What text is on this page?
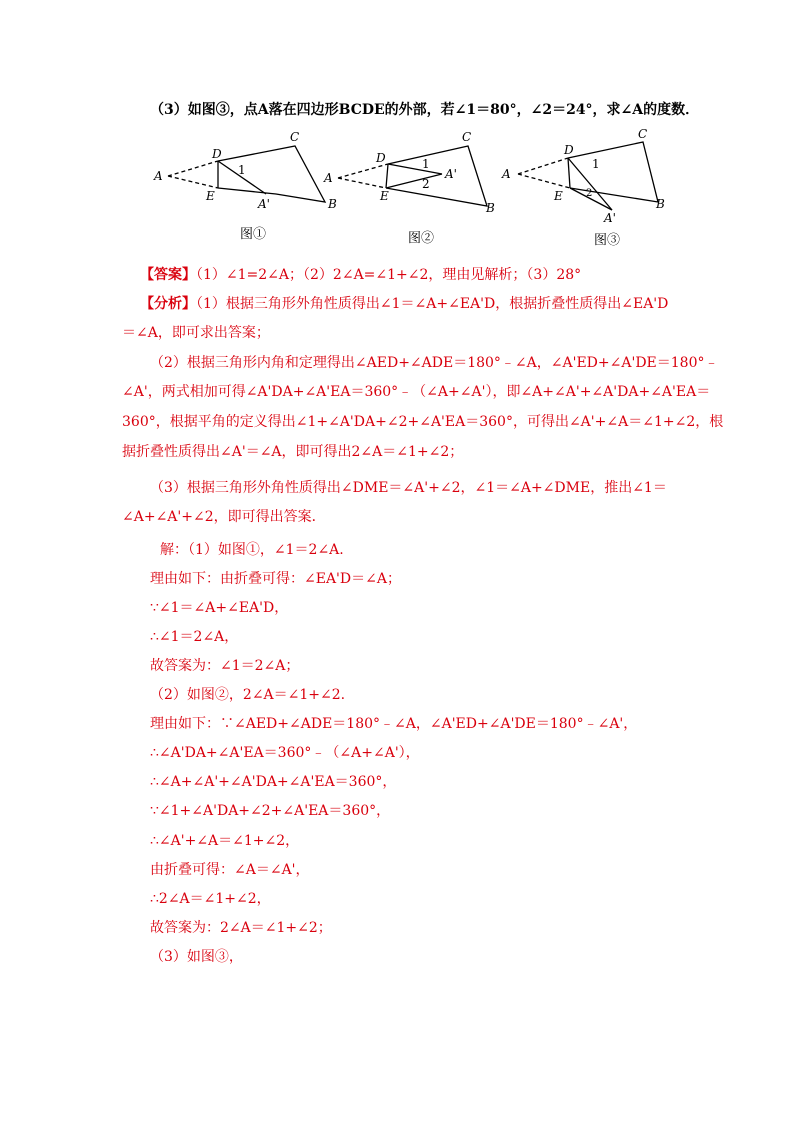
（3）如图③，点A落在四边形BCDE的外部，若∠1＝80°，∠2＝24°，求∠A的度数．
C
D
1
A
E
A'	B
图①
C
D	1
A
E
A'
2
B
图②
C
D
1
A
E 2
A'
B
图③
【答案】（1）∠1=2∠A；（2）2∠A=∠1+∠2，理由见解析；（3）28°
【分析】（1）根据三角形外角性质得出∠1＝∠A+∠EA'D，根据折叠性质得出∠EA'D
＝∠A，即可求出答案；
（2）根据三角形内角和定理得出∠AED+∠ADE＝180°﹣∠A，∠A'ED+∠A'DE＝180°﹣
∠A'，两式相加可得∠A'DA+∠A'EA＝360°﹣（∠A+∠A'），即∠A+∠A'+∠A'DA+∠A'EA＝
360°，根据平角的定义得出∠1+∠A'DA+∠2+∠A'EA＝360°，可得出∠A'+∠A＝∠1+∠2，根
据折叠性质得出∠A'＝∠A，即可得出2∠A＝∠1+∠2；
（3）根据三角形外角性质得出∠DME＝∠A'+∠2，∠1＝∠A+∠DME，推出∠1＝
∠A+∠A'+∠2，即可得出答案．
解：（1）如图①，∠1＝2∠A.
理由如下：由折叠可得：∠EA'D＝∠A；
∵∠1＝∠A+∠EA'D，
∴∠1＝2∠A，
故答案为：∠1＝2∠A；
（2）如图②，2∠A＝∠1+∠2.
理由如下：∵∠AED+∠ADE＝180°﹣∠A，∠A'ED+∠A'DE＝180°﹣∠A'，
∴∠A'DA+∠A'EA＝360°﹣（∠A+∠A'），
∴∠A+∠A'+∠A'DA+∠A'EA＝360°，
∵∠1+∠A'DA+∠2+∠A'EA＝360°，
∴∠A'+∠A＝∠1+∠2，
由折叠可得：∠A＝∠A'，
∴2∠A＝∠1+∠2，
故答案为：2∠A＝∠1+∠2；
（3）如图③，
